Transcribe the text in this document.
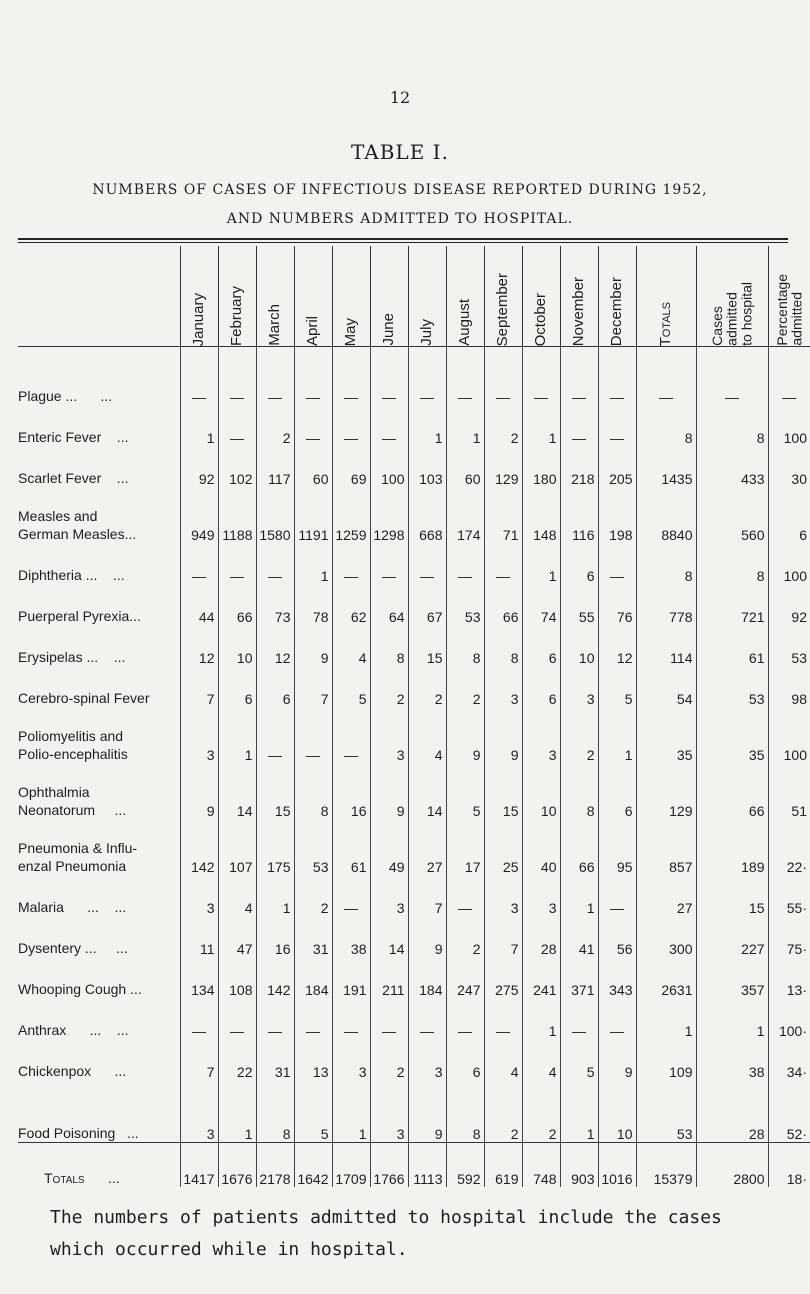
12
TABLE I.
NUMBERS OF CASES OF INFECTIOUS DISEASE REPORTED DURING 1952,
AND NUMBERS ADMITTED TO HOSPITAL.

	January	February	March	April	May	June	July	August	September	October	November	December	Totals	Cases
admitted
to hospital	Percentage
admitted

Plague ...      ...	—	—	—	—	—	—	—	—	—	—	—	—	—	—	—

Enteric Fever    ...	1	—	2	—	—	—	1	1	2	1	—	—	8	8	100

Scarlet Fever    ...	92	102	117	60	69	100	103	60	129	180	218	205	1435	433	30

Measles and
German Measles...	949	1188	1580	1191	1259	1298	668	174	71	148	116	198	8840	560	6

Diphtheria ...    ...	—	—	—	1	—	—	—	—	—	1	6	—	8	8	100

Puerperal Pyrexia...	44	66	73	78	62	64	67	53	66	74	55	76	778	721	92

Erysipelas ...    ...	12	10	12	9	4	8	15	8	8	6	10	12	114	61	53

Cerebro-spinal Fever	7	6	6	7	5	2	2	2	3	6	3	5	54	53	98

Poliomyelitis and
Polio-encephalitis	3	1	—	—	—	3	4	9	9	3	2	1	35	35	100

Ophthalmia
Neonatorum     ...	9	14	15	8	16	9	14	5	15	10	8	6	129	66	51

Pneumonia & Influ-
enzal Pneumonia	142	107	175	53	61	49	27	17	25	40	66	95	857	189	22·

Malaria      ...    ...	3	4	1	2	—	3	7	—	3	3	1	—	27	15	55·

Dysentery ...     ...	11	47	16	31	38	14	9	2	7	28	41	56	300	227	75·

Whooping Cough ...	134	108	142	184	191	211	184	247	275	241	371	343	2631	357	13·

Anthrax      ...    ...	—	—	—	—	—	—	—	—	—	1	—	—	1	1	100·

Chickenpox      ...	7	22	31	13	3	2	3	6	4	4	5	9	109	38	34·

Food Poisoning   ...	3	1	8	5	1	3	9	8	2	2	1	10	53	28	52·
Totals      ...	1417	1676	2178	1642	1709	1766	1113	592	619	748	903	1016	15379	2800	18·
The numbers of patients admitted to hospital include the cases which occurred while in hospital.
